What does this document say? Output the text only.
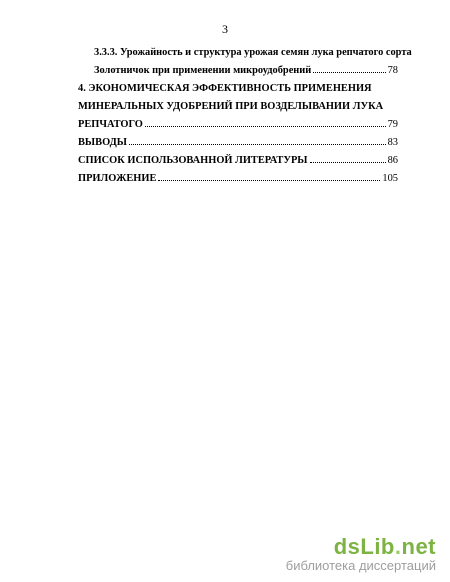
3
3.3.3. Урожайность и структура урожая семян лука репчатого сорта
Золотничок при применении микроудобрений	78
4. ЭКОНОМИЧЕСКАЯ ЭФФЕКТИВНОСТЬ ПРИМЕНЕНИЯ
МИНЕРАЛЬНЫХ УДОБРЕНИЙ ПРИ ВОЗДЕЛЫВАНИИ ЛУКА
РЕПЧАТОГО	79
ВЫВОДЫ	83
СПИСОК ИСПОЛЬЗОВАННОЙ ЛИТЕРАТУРЫ	86
ПРИЛОЖЕНИЕ	105
dsLib.net
библиотека диссертаций
